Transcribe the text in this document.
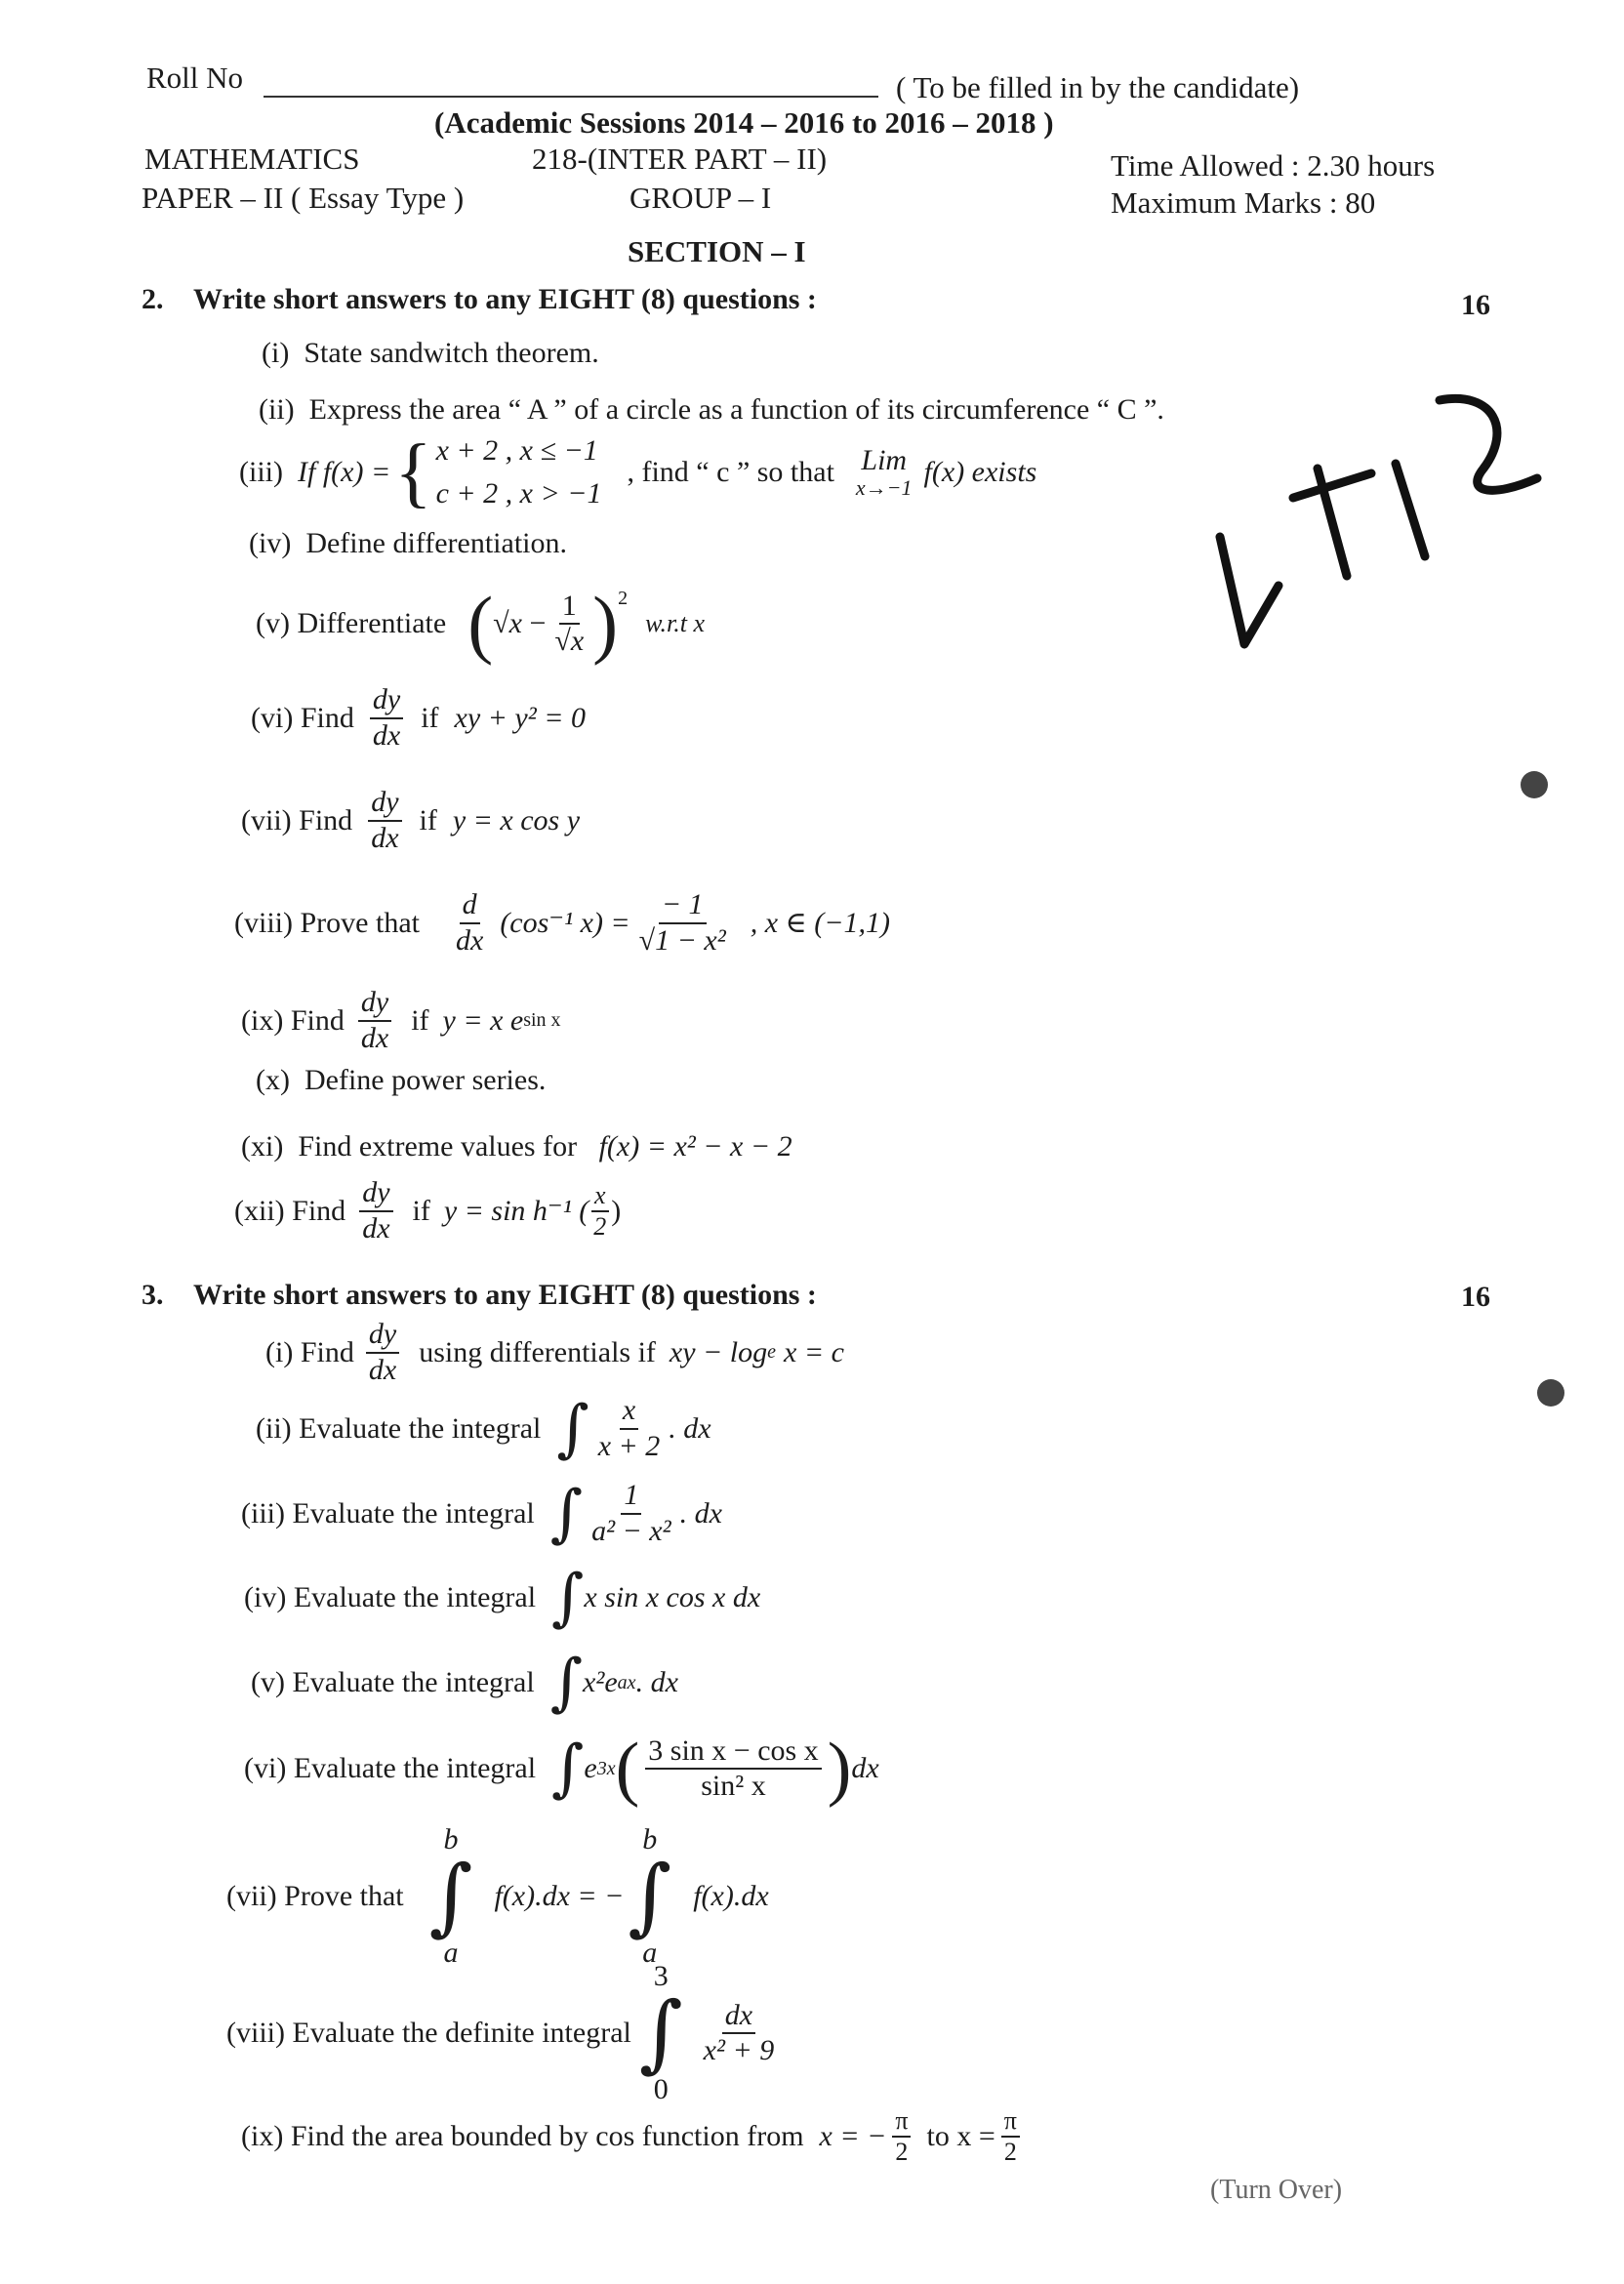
Roll No	( To be filled in by the candidate)
(Academic Sessions 2014 – 2016 to 2016 – 2018 )
MATHEMATICS	218-(INTER PART – II)	Time Allowed : 2.30 hours
PAPER – II ( Essay Type )	GROUP – I	Maximum Marks : 80
SECTION – I
2. Write short answers to any EIGHT (8) questions :	16
(i) State sandwitch theorem.
(ii) Express the area “ A ” of a circle as a function of its circumference “ C ”.
(iii)
If f(x) = { x + 2 , x ≤ −1
c + 2 , x > −1
, find “ c ” so that Lim
x→−1 f(x) exists
(iv) Define differentiation.
(v)
Differentiate ( $√x - \frac{1}{√x}$ ) 2
w.r.t x
(vi)
Find $\frac{dy}{dx}$ if xy + y² = 0
(vii)
Find $\frac{dy}{dx}$ if y = x cos y
(viii)
Prove that $\frac{d}{dx} (\cos^{-1}$ $x) = \frac{- 1}{\text{√1 − x²}}$ , x ∈ (−1,1)
(ix)
Find $\frac{dy}{dx}$ if y = x e sin x
(x) Define power series.
(xi) Find extreme values for f(x) = x² − x − 2
(xii)
Find $\frac{dy}{dx}$ if y = sin h⁻¹ ( $\frac{x}{2}$ )
3. Write short answers to any EIGHT (8) questions :	16
(i)
Find $\frac{dy}{dx}$ using differentials if xy − log e x = c
(ii)
Evaluate the integral ∫ $\frac{x}{x + 2}$ . dx
(iii)
Evaluate the integral ∫ $\frac{1}{\text{a² − x²}}$ . dx
(iv)
Evaluate the integral ∫ x sin x cos x dx
(v)
Evaluate the integral ∫ x²e ax . dx
(vi)
Evaluate the integral ∫ e 3x ( $\frac{\text{3 sin x − cos x}}{\text{sin² x}}$ ) dx
(vii)
Prove that
b
∫
a
f(x).dx = −
b
∫
a
f(x).dx
(viii)
Evaluate the definite integral
3
∫
0
$\frac{dx}{\text{x² + 9}}$
(ix)
Find the area bounded by cos function from x = − $\frac{\pi}{2}$ to $x = \frac{\pi}{2}$
(Turn Over)
